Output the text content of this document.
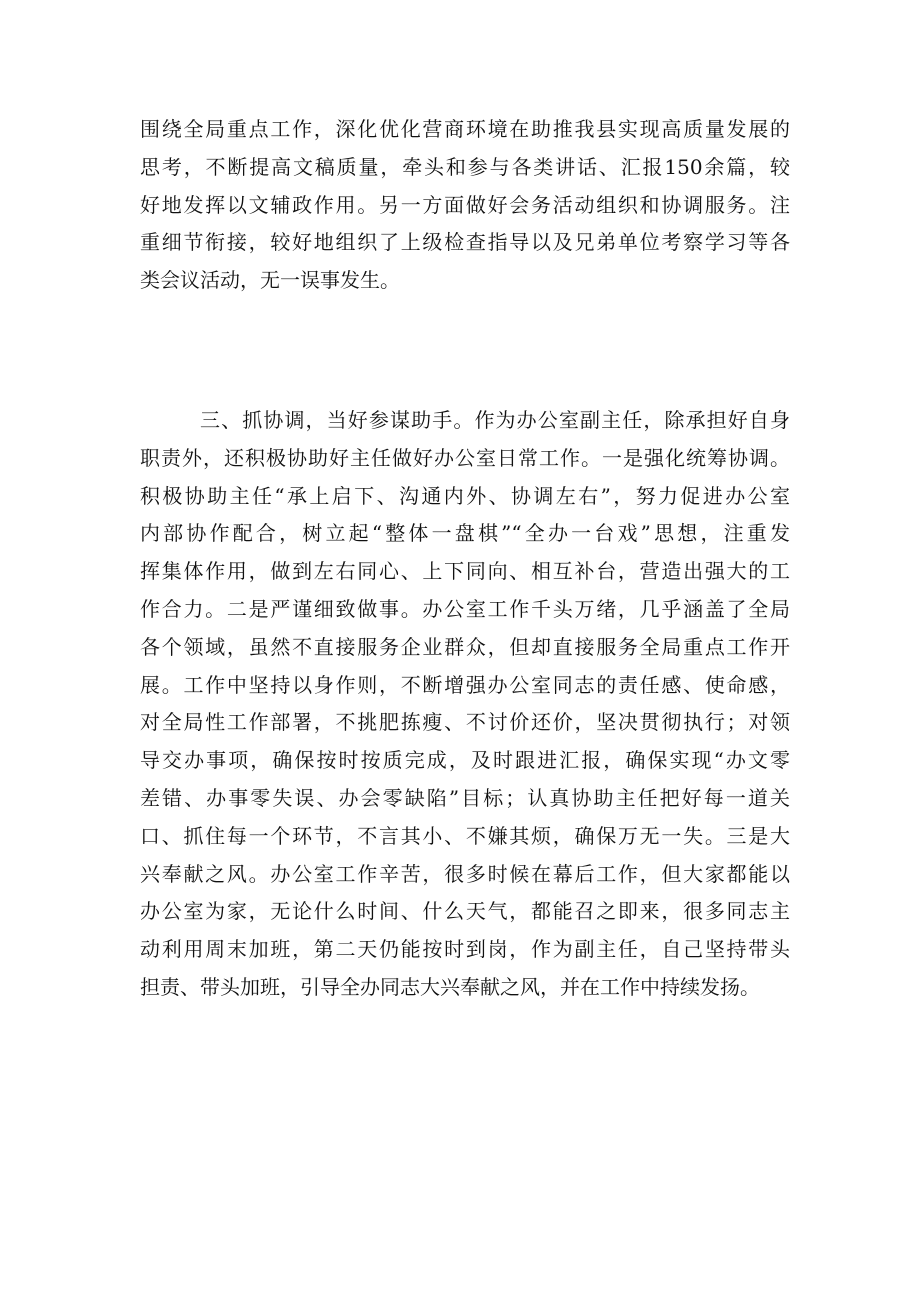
围绕全局重点工作，深化优化营商环境在助推我县实现高质量发展的
思考，不断提高文稿质量，牵头和参与各类讲话、汇报150余篇，较
好地发挥以文辅政作用。另一方面做好会务活动组织和协调服务。注
重细节衔接，较好地组织了上级检查指导以及兄弟单位考察学习等各
类会议活动，无一误事发生。
三、抓协调，当好参谋助手。作为办公室副主任，除承担好自身
职责外，还积极协助好主任做好办公室日常工作。一是强化统筹协调。
积极协助主任“承上启下、沟通内外、协调左右”，努力促进办公室
内部协作配合，树立起“整体一盘棋”“全办一台戏”思想，注重发
挥集体作用，做到左右同心、上下同向、相互补台，营造出强大的工
作合力。二是严谨细致做事。办公室工作千头万绪，几乎涵盖了全局
各个领域，虽然不直接服务企业群众，但却直接服务全局重点工作开
展。工作中坚持以身作则，不断增强办公室同志的责任感、使命感，
对全局性工作部署，不挑肥拣瘦、不讨价还价，坚决贯彻执行；对领
导交办事项，确保按时按质完成，及时跟进汇报，确保实现“办文零
差错、办事零失误、办会零缺陷”目标；认真协助主任把好每一道关
口、抓住每一个环节，不言其小、不嫌其烦，确保万无一失。三是大
兴奉献之风。办公室工作辛苦，很多时候在幕后工作，但大家都能以
办公室为家，无论什么时间、什么天气，都能召之即来，很多同志主
动利用周末加班，第二天仍能按时到岗，作为副主任，自己坚持带头
担责、带头加班，引导全办同志大兴奉献之风，并在工作中持续发扬。
